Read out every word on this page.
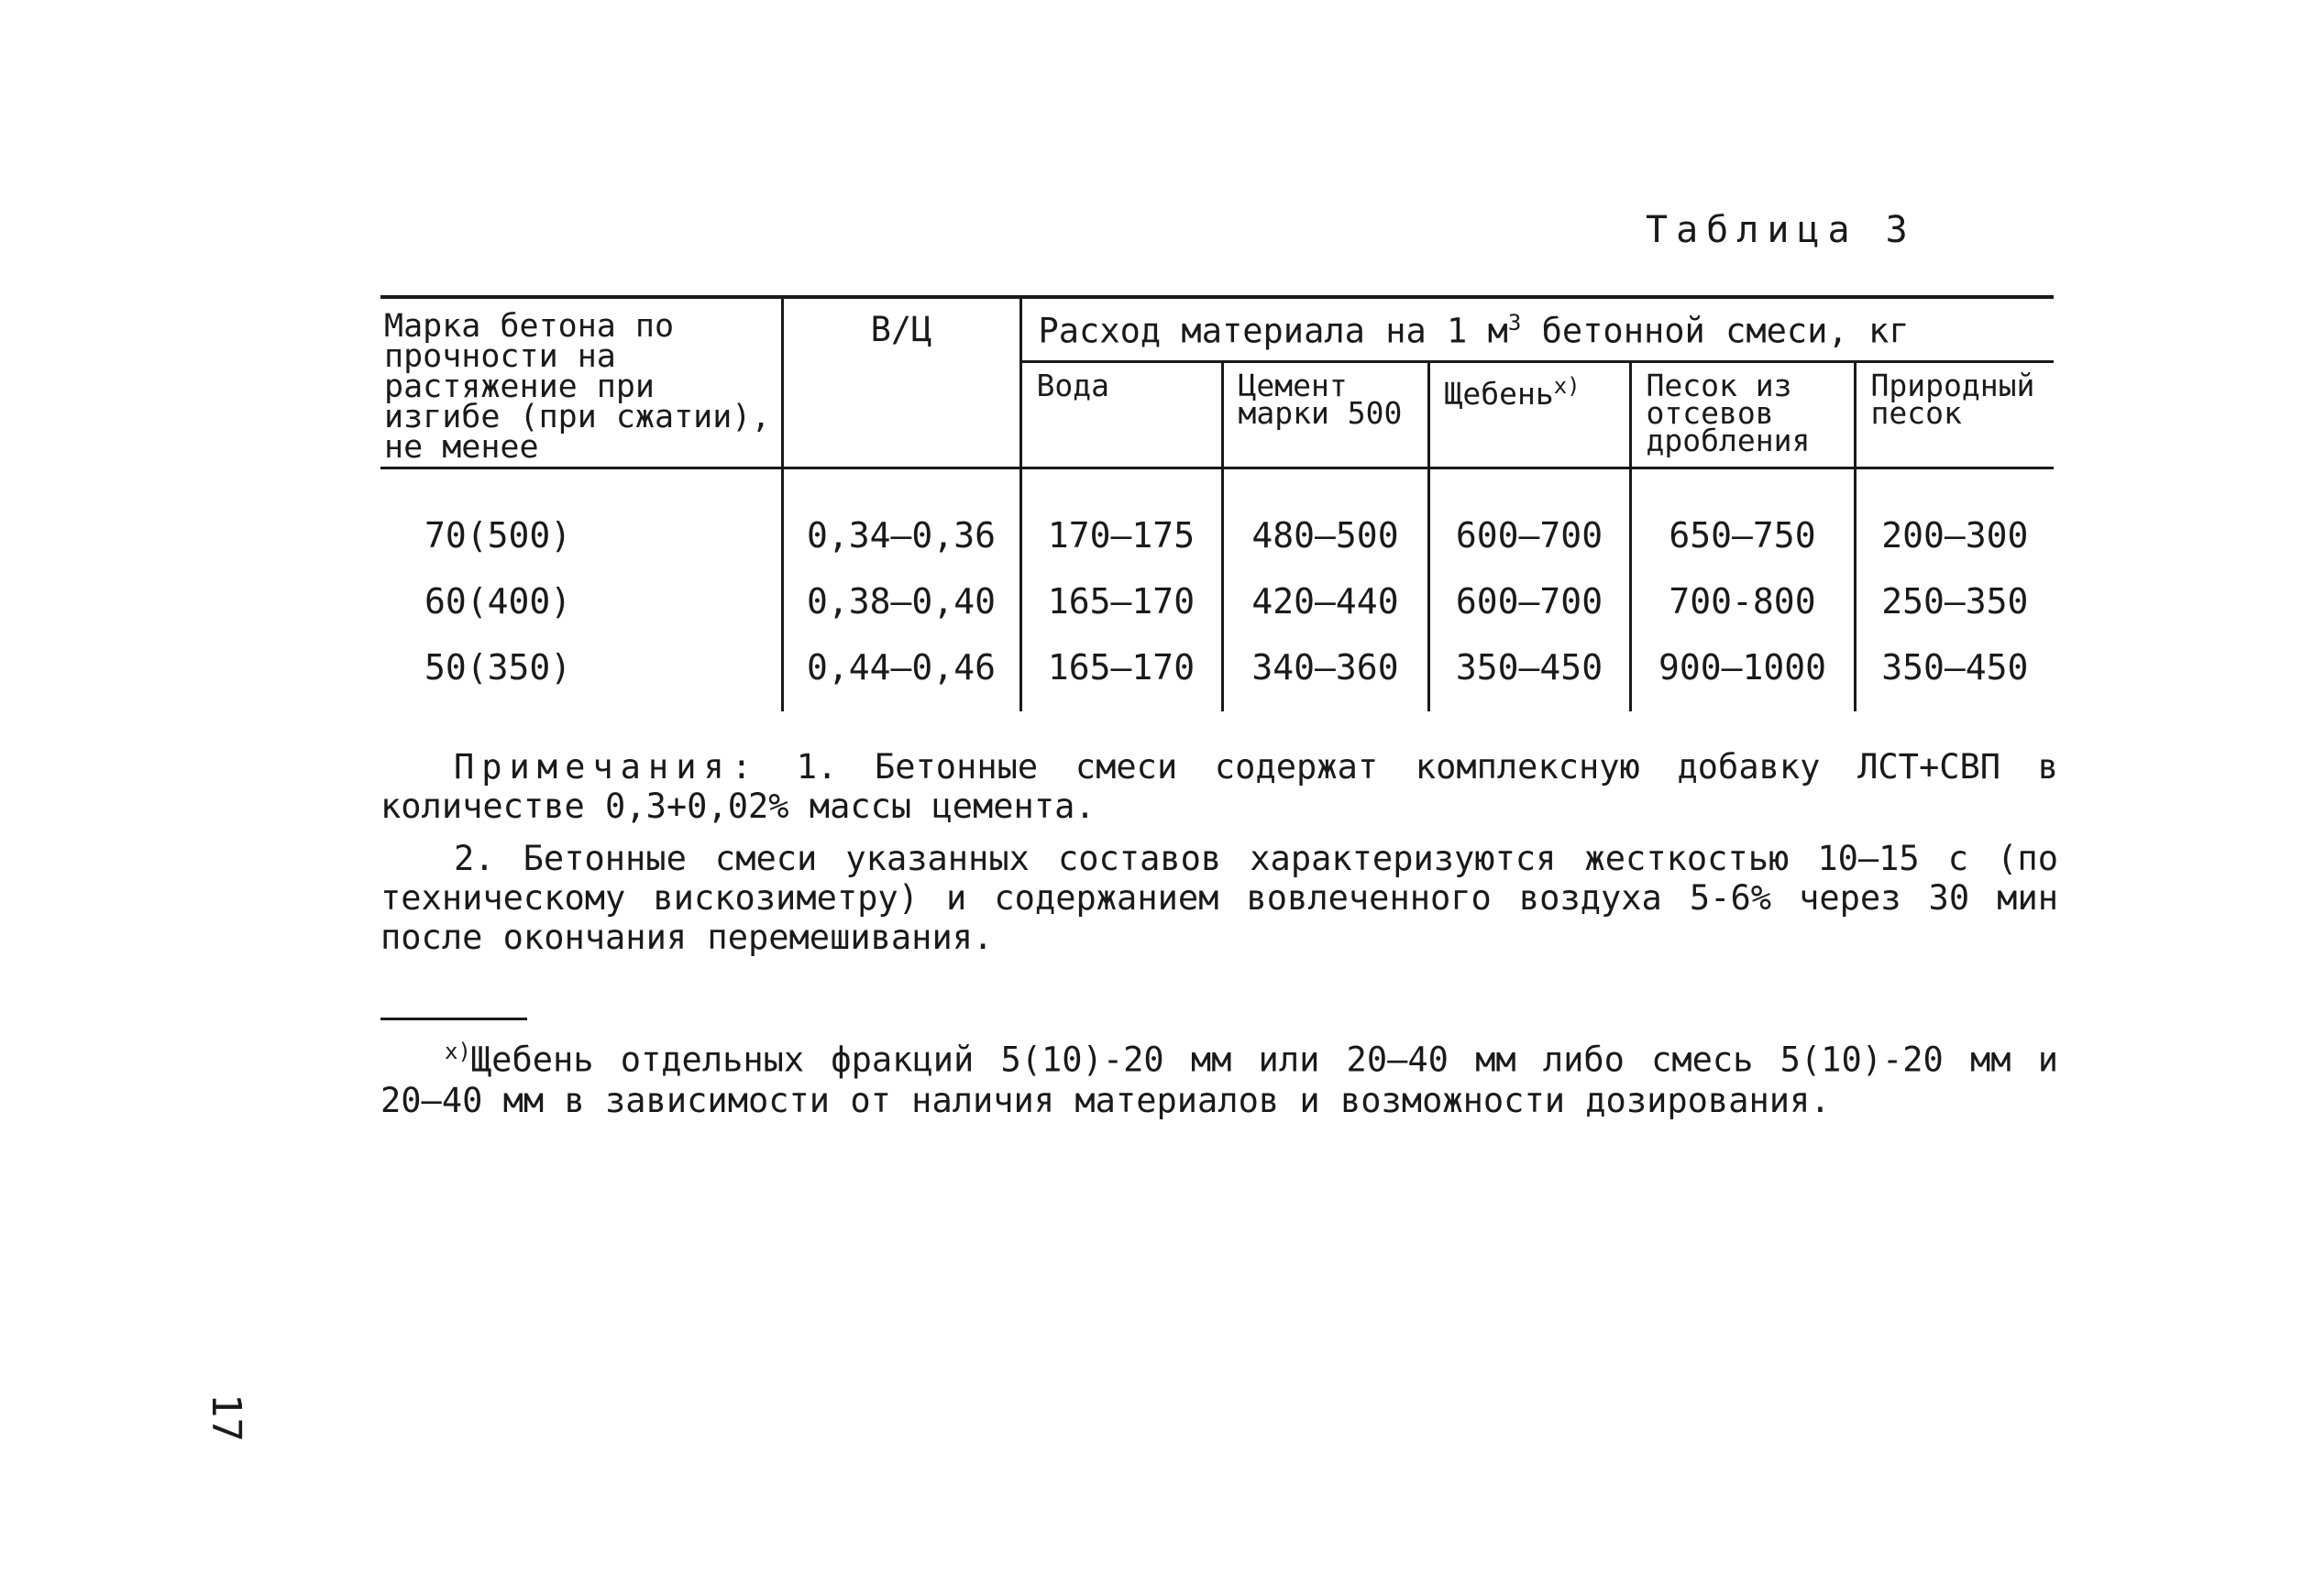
Таблица 3
Марка бетона по прочности на растяжение при изгибе (при сжатии), не менее	В/Ц	Расход материала на 1 $м^3$ бетонной смеси, кг				
		Вода	Цемент марки 500	Щебень$^{х)}$	Песок из отсевов дробления	Природный песок
70(500)	0,34–0,36	170–175	480–500	600–700	650–750	200–300
60(400)	0,38–0,40	165–170	420–440	600–700	700-800	250–350
50(350)	0,44–0,46	165–170	340–360	350–450	900–1000	350–450
Примечания: 1. Бетонные смеси содержат комплексную добавку ЛСТ+СВП в количестве 0,3+0,02% массы цемента.
2. Бетонные смеси указанных составов характеризуются жесткостью 10–15 с (по техническому вискозиметру) и содержанием вовлеченного воздуха 5-6% через 30 мин после окончания перемешивания.
$^{х)}$Щебень отдельных фракций 5(10)-20 мм или 20–40 мм либо смесь 5(10)-20 мм и 20–40 мм в зависимости от наличия материалов и возможности дозирования.
17
